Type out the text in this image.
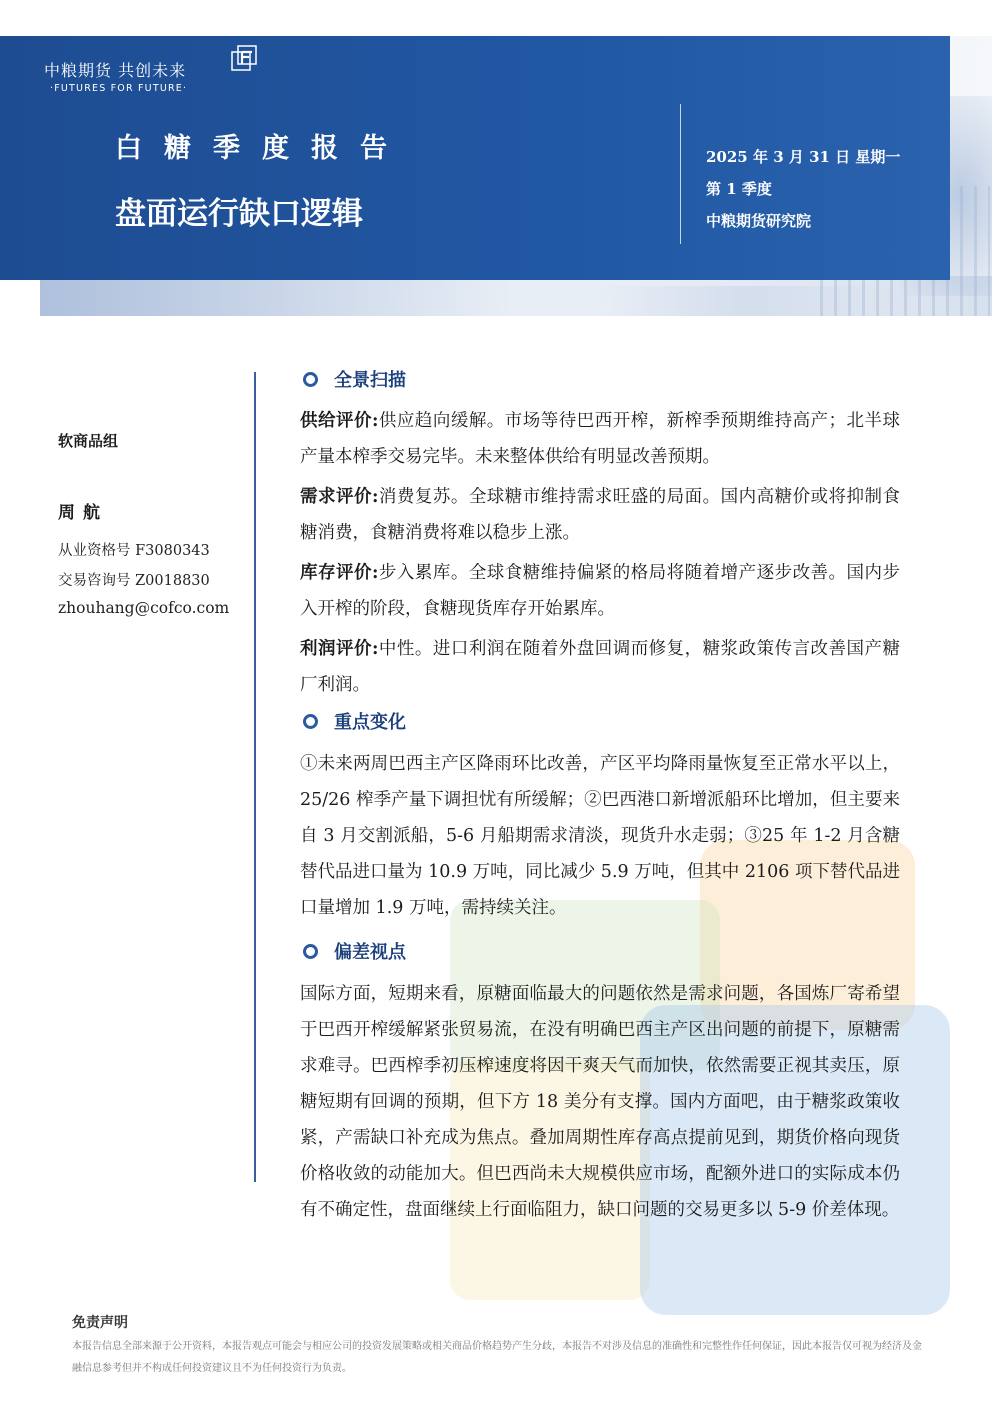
中粮期货 共创未来
·FUTURES FOR FUTURE·
白糖季度报告
盘面运行缺口逻辑
2025 年 3 月 31 日 星期一
第 1 季度
中粮期货研究院
软商品组
周航
从业资格号 F3080343
交易咨询号 Z0018830
zhouhang@cofco.com
全景扫描
供给评价:供应趋向缓解。市场等待巴西开榨，新榨季预期维持高产；北半球产量本榨季交易完毕。未来整体供给有明显改善预期。
需求评价:消费复苏。全球糖市维持需求旺盛的局面。国内高糖价或将抑制食糖消费，食糖消费将难以稳步上涨。
库存评价:步入累库。全球食糖维持偏紧的格局将随着增产逐步改善。国内步入开榨的阶段，食糖现货库存开始累库。
利润评价:中性。进口利润在随着外盘回调而修复，糖浆政策传言改善国产糖厂利润。
重点变化
①未来两周巴西主产区降雨环比改善，产区平均降雨量恢复至正常水平以上，25/26 榨季产量下调担忧有所缓解；②巴西港口新增派船环比增加，但主要来自 3 月交割派船，5-6 月船期需求清淡，现货升水走弱；③25 年 1-2 月含糖替代品进口量为 10.9 万吨，同比减少 5.9 万吨，但其中 2106 项下替代品进口量增加 1.9 万吨，需持续关注。
偏差视点
国际方面，短期来看，原糖面临最大的问题依然是需求问题，各国炼厂寄希望于巴西开榨缓解紧张贸易流，在没有明确巴西主产区出问题的前提下，原糖需求难寻。巴西榨季初压榨速度将因干爽天气而加快，依然需要正视其卖压，原糖短期有回调的预期，但下方 18 美分有支撑。国内方面吧，由于糖浆政策收紧，产需缺口补充成为焦点。叠加周期性库存高点提前见到，期货价格向现货价格收敛的动能加大。但巴西尚未大规模供应市场，配额外进口的实际成本仍有不确定性，盘面继续上行面临阻力，缺口问题的交易更多以 5-9 价差体现。
免责声明
本报告信息全部来源于公开资料，本报告观点可能会与相应公司的投资发展策略或相关商品价格趋势产生分歧，本报告不对涉及信息的准确性和完整性作任何保证，因此本报告仅可视为经济及金融信息参考但并不构成任何投资建议且不为任何投资行为负责。
